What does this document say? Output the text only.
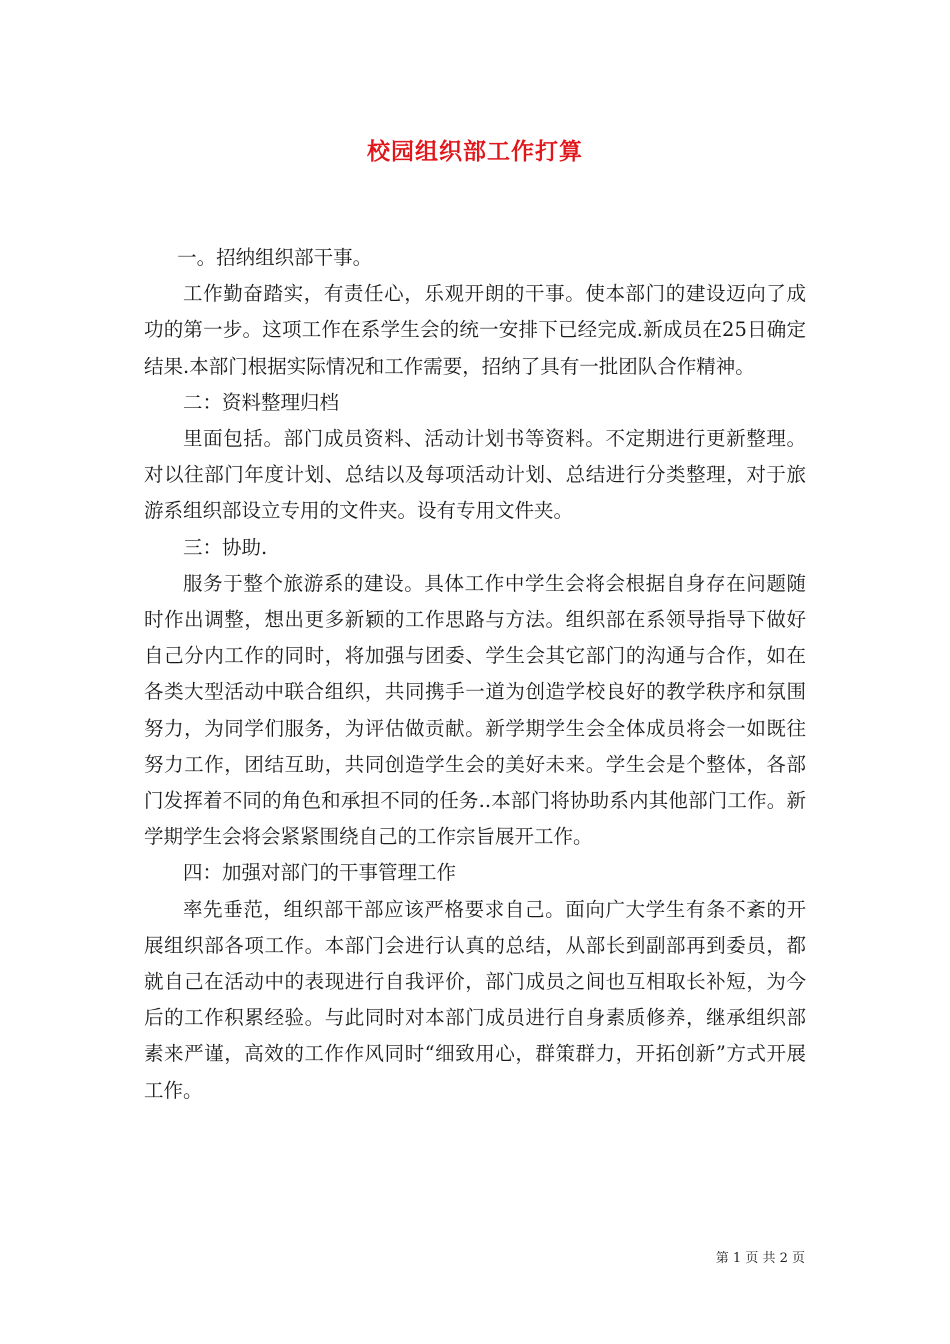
校园组织部工作打算

一。招纳组织部干事。

工作勤奋踏实，有责任心，乐观开朗的干事。使本部门的建设迈向了成功的第一步。这项工作在系学生会的统一安排下已经完成.新成员在25日确定结果.本部门根据实际情况和工作需要，招纳了具有一批团队合作精神。

二：资料整理归档

里面包括。部门成员资料、活动计划书等资料。不定期进行更新整理。对以往部门年度计划、总结以及每项活动计划、总结进行分类整理，对于旅游系组织部设立专用的文件夹。设有专用文件夹。

三：协助.

服务于整个旅游系的建设。具体工作中学生会将会根据自身存在问题随时作出调整，想出更多新颖的工作思路与方法。组织部在系领导指导下做好自己分内工作的同时，将加强与团委、学生会其它部门的沟通与合作，如在各类大型活动中联合组织，共同携手一道为创造学校良好的教学秩序和氛围努力，为同学们服务，为评估做贡献。新学期学生会全体成员将会一如既往努力工作，团结互助，共同创造学生会的美好未来。学生会是个整体，各部门发挥着不同的角色和承担不同的任务..本部门将协助系内其他部门工作。新学期学生会将会紧紧围绕自己的工作宗旨展开工作。

四：加强对部门的干事管理工作

率先垂范，组织部干部应该严格要求自己。面向广大学生有条不紊的开展组织部各项工作。本部门会进行认真的总结，从部长到副部再到委员，都就自己在活动中的表现进行自我评价，部门成员之间也互相取长补短，为今后的工作积累经验。与此同时对本部门成员进行自身素质修养，继承组织部素来严谨，高效的工作作风同时“细致用心，群策群力，开拓创新”方式开展工作。

第 1 页 共 2 页
